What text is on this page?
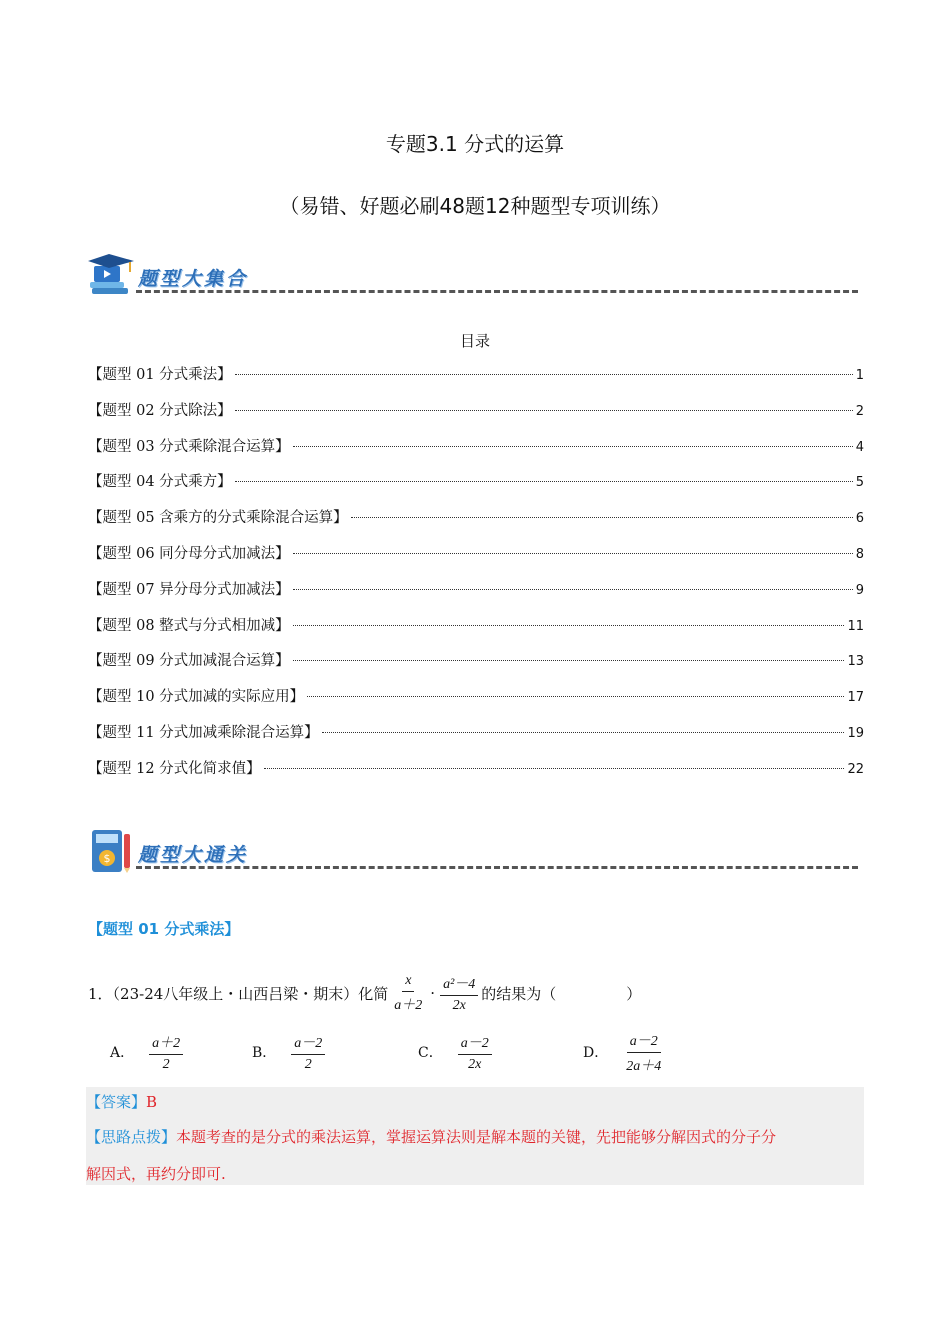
专题3.1 分式的运算
（易错、好题必刷48题12种题型专项训练）
题型大集合
目录
【题型 01 分式乘法】	1
【题型 02 分式除法】	2
【题型 03 分式乘除混合运算】	4
【题型 04 分式乘方】	5
【题型 05 含乘方的分式乘除混合运算】	6
【题型 06 同分母分式加减法】	8
【题型 07 异分母分式加减法】	9
【题型 08 整式与分式相加减】	11
【题型 09 分式加减混合运算】	13
【题型 10 分式加减的实际应用】	17
【题型 11 分式加减乘除混合运算】	19
【题型 12 分式化简求值】	22
$ 题型大通关
【题型 01 分式乘法】
1．（23-24八年级上・山西吕梁・期末）化简 $\frac{x}{a+2} \cdot \frac{\text{a²－4}}{2x}$ 的结果为（	）
A． $\frac{a+2}{2}$	B． $\frac{a-2}{2}$	C． $\frac{a-2}{2x}$	D． $\frac{a-2}{2a+4}$
【答案】B
【思路点拨】本题考查的是分式的乘法运算，掌握运算法则是解本题的关键，先把能够分解因式的分子分
解因式，再约分即可.
